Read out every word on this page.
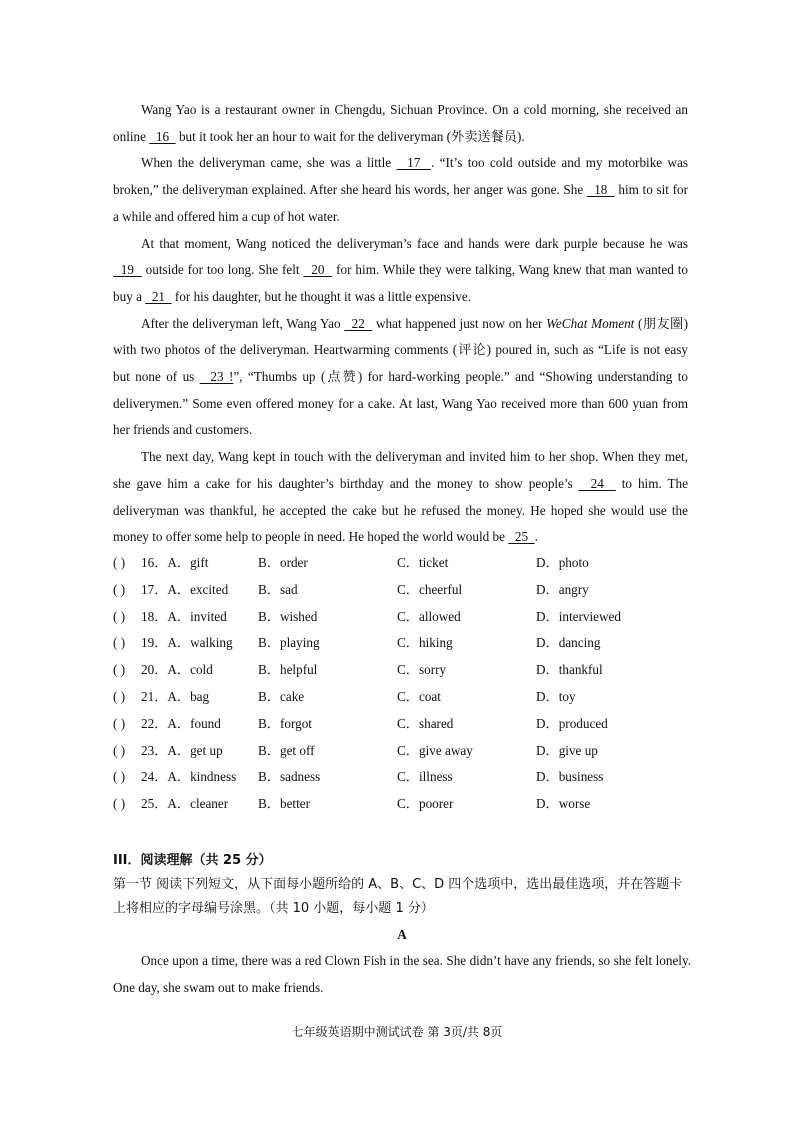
Wang Yao is a restaurant owner in Chengdu, Sichuan Province. On a cold morning, she received an online   16   but it took her an hour to wait for the deliveryman (外卖送餐员).

When the deliveryman came, she was a little   17  . “It’s too cold outside and my motorbike was broken,” the deliveryman explained. After she heard his words, her anger was gone. She   18   him to sit for a while and offered him a cup of hot water.

At that moment, Wang noticed the deliveryman’s face and hands were dark purple because he was   19   outside for too long. She felt   20   for him. While they were talking, Wang knew that man wanted to buy a   21   for his daughter, but he thought it was a little expensive.

After the deliveryman left, Wang Yao   22   what happened just now on her WeChat Moment (朋友圈) with two photos of the deliveryman. Heartwarming comments (评论) poured in, such as “Life is not easy but none of us   23 !”, “Thumbs up (点赞) for hard-working people.” and “Showing understanding to deliverymen.” Some even offered money for a cake. At last, Wang Yao received more than 600 yuan from her friends and customers.

The next day, Wang kept in touch with the deliveryman and invited him to her shop. When they met, she gave him a cake for his daughter’s birthday and the money to show people’s   24   to him. The deliveryman was thankful, he accepted the cake but he refused the money. He hoped she would use the money to offer some help to people in need. He hoped the world would be   25  .

( ) 16．A．gift	B．order	C．ticket	D．photo
( ) 17．A．excited B．sad	C．cheerful	D．angry
( ) 18．A．invited B．wished	C．allowed	D．interviewed
( ) 19．A．walking B．playing	C．hiking	D．dancing
( ) 20．A．cold	B．helpful	C．sorry	D．thankful
( ) 21．A．bag	B．cake	C．coat	D．toy
( ) 22．A．found	B．forgot	C．shared	D．produced
( ) 23．A．get up	B．get off	C．give away	D．give up
( ) 24．A．kindness B．sadness	C．illness	D．business
( ) 25．A．cleaner B．better	C．poorer	D．worse

III．阅读理解（共 25 分）

第一节 阅读下列短文，从下面每小题所给的 A、B、C、D 四个选项中，选出最佳选项，并在答题卡上将相应的字母编号涂黑。（共 10 小题，每小题 1 分）

A

Once upon a time, there was a red Clown Fish in the sea. She didn’t have any friends, so she felt lonely. One day, she swam out to make friends.

七年级英语期中测试试卷 第 3页/共 8页
